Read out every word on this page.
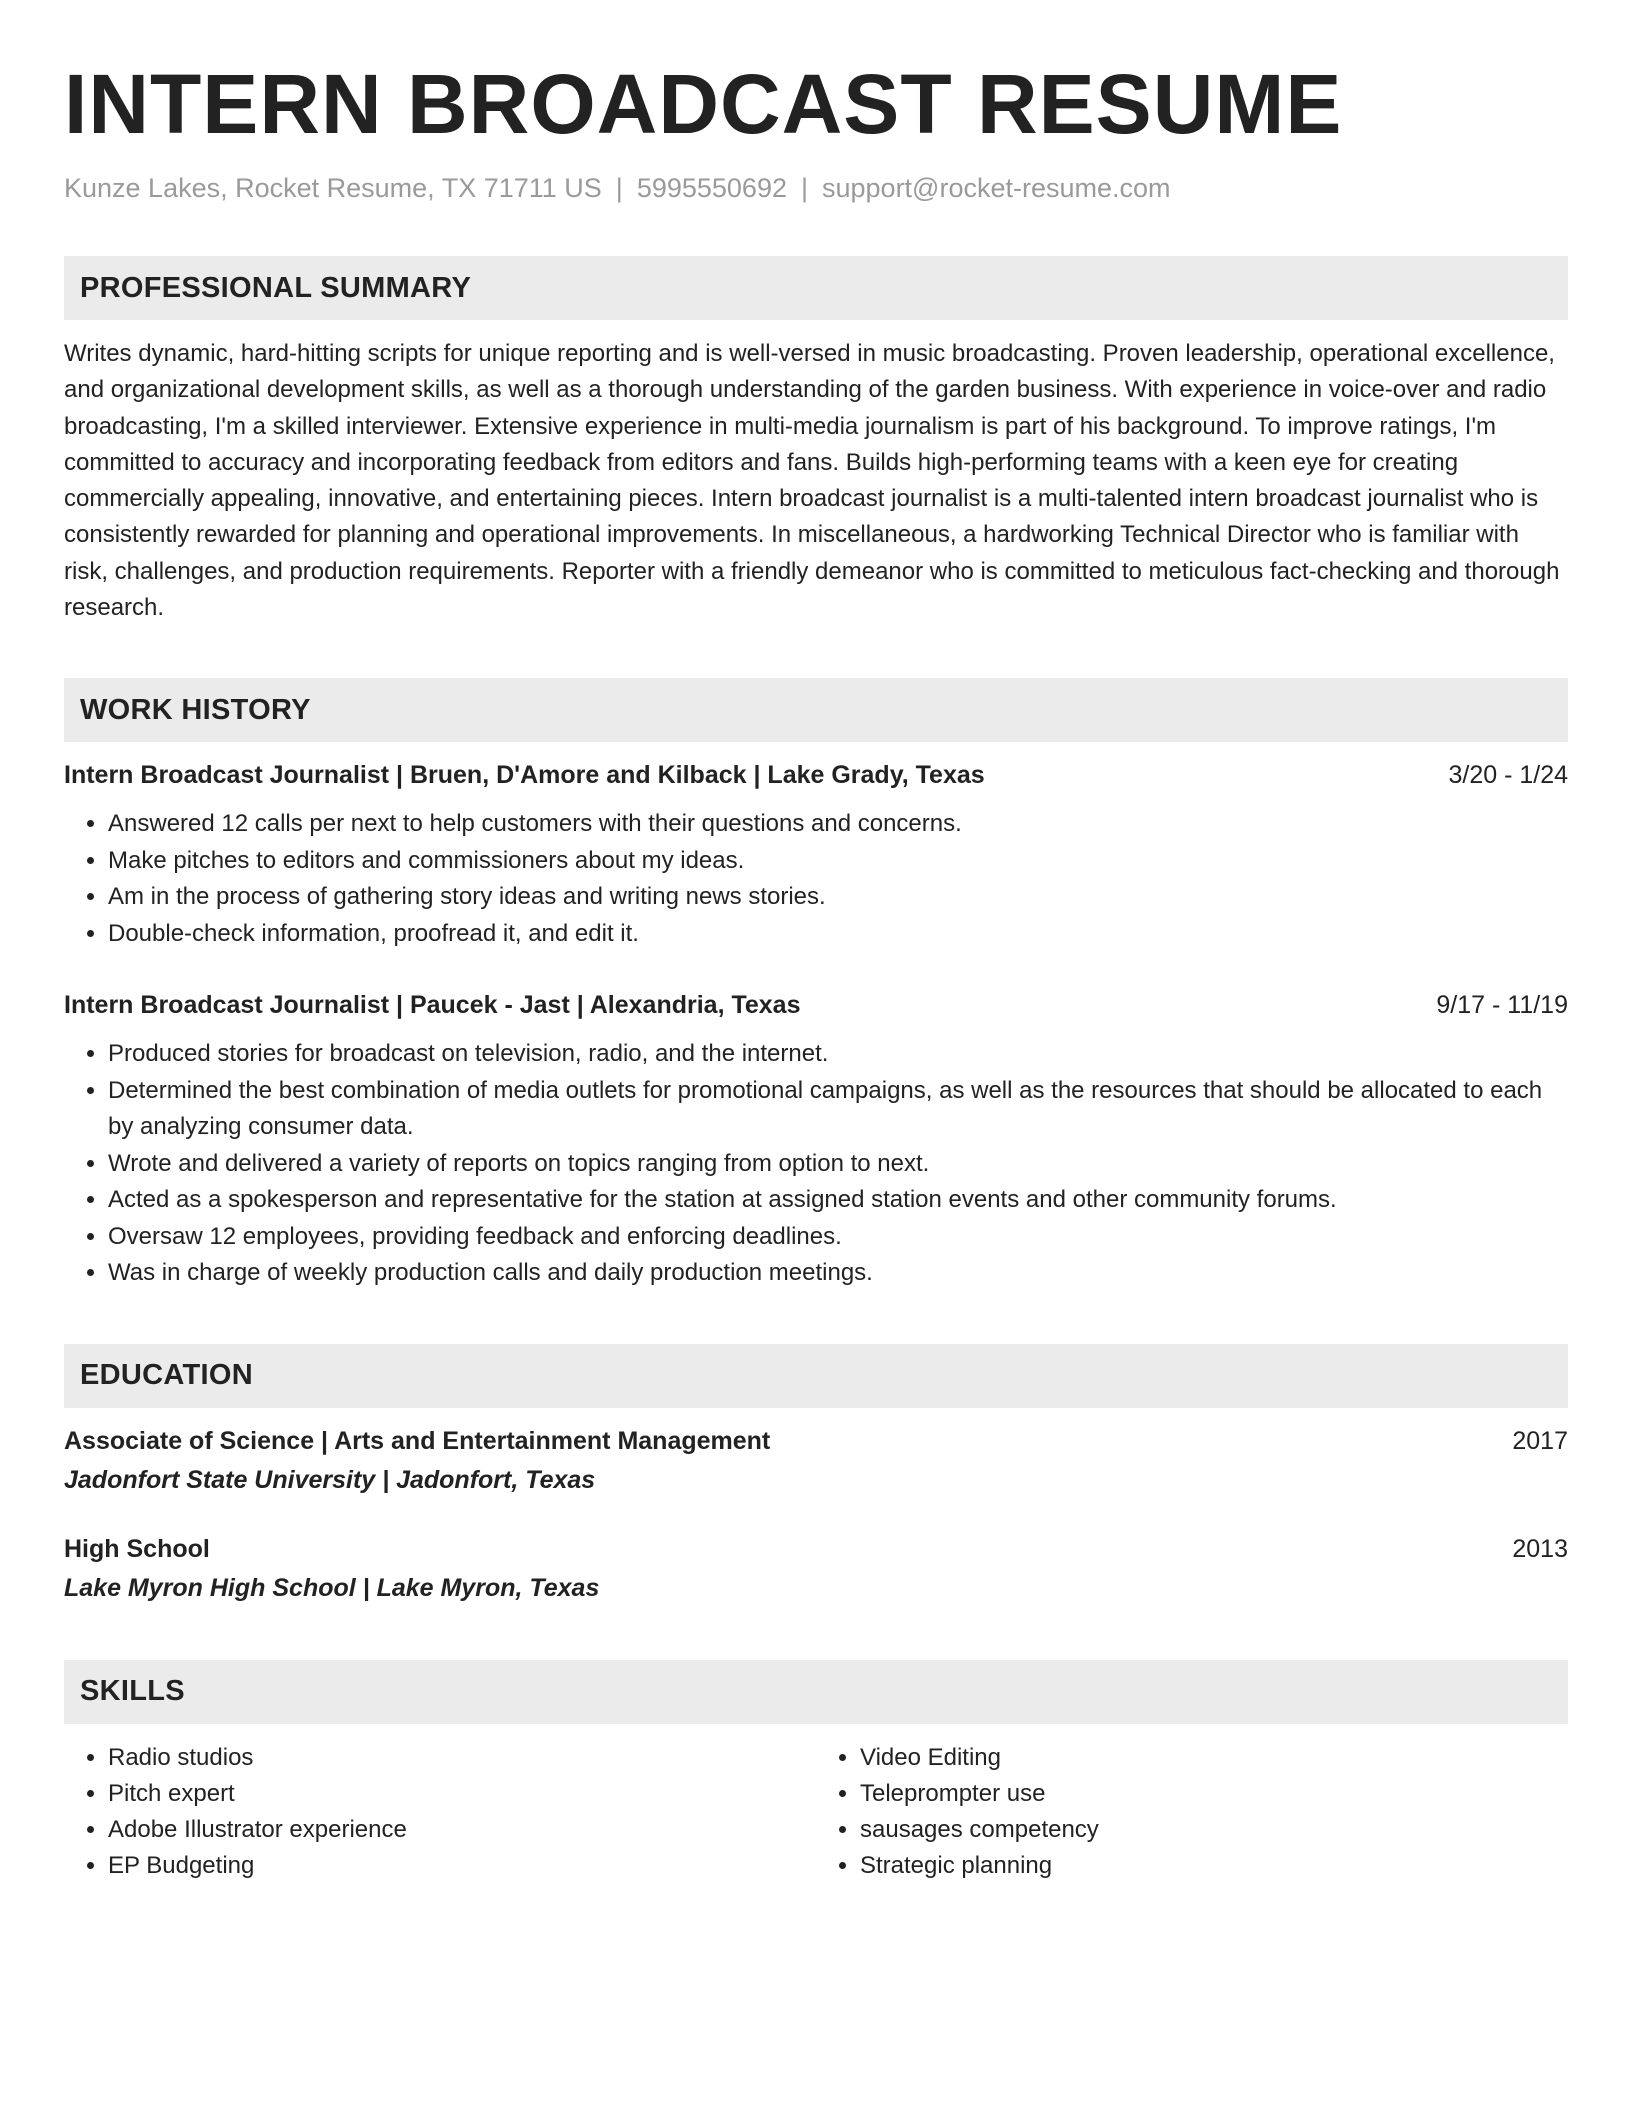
INTERN BROADCAST RESUME
Kunze Lakes, Rocket Resume, TX 71711 US | 5995550692 | support@rocket-resume.com
PROFESSIONAL SUMMARY
Writes dynamic, hard-hitting scripts for unique reporting and is well-versed in music broadcasting. Proven leadership, operational excellence, and organizational development skills, as well as a thorough understanding of the garden business. With experience in voice-over and radio broadcasting, I'm a skilled interviewer. Extensive experience in multi-media journalism is part of his background. To improve ratings, I'm committed to accuracy and incorporating feedback from editors and fans. Builds high-performing teams with a keen eye for creating commercially appealing, innovative, and entertaining pieces. Intern broadcast journalist is a multi-talented intern broadcast journalist who is consistently rewarded for planning and operational improvements. In miscellaneous, a hardworking Technical Director who is familiar with risk, challenges, and production requirements. Reporter with a friendly demeanor who is committed to meticulous fact-checking and thorough research.
WORK HISTORY
Intern Broadcast Journalist | Bruen, D'Amore and Kilback | Lake Grady, Texas	3/20 - 1/24
• Answered 12 calls per next to help customers with their questions and concerns.
• Make pitches to editors and commissioners about my ideas.
• Am in the process of gathering story ideas and writing news stories.
• Double-check information, proofread it, and edit it.
Intern Broadcast Journalist | Paucek - Jast | Alexandria, Texas	9/17 - 11/19
• Produced stories for broadcast on television, radio, and the internet.
• Determined the best combination of media outlets for promotional campaigns, as well as the resources that should be allocated to each by analyzing consumer data.
• Wrote and delivered a variety of reports on topics ranging from option to next.
• Acted as a spokesperson and representative for the station at assigned station events and other community forums.
• Oversaw 12 employees, providing feedback and enforcing deadlines.
• Was in charge of weekly production calls and daily production meetings.
EDUCATION
Associate of Science | Arts and Entertainment Management	2017
Jadonfort State University | Jadonfort, Texas
High School	2013
Lake Myron High School | Lake Myron, Texas
SKILLS
• Radio studios
• Pitch expert
• Adobe Illustrator experience
• EP Budgeting
• Video Editing
• Teleprompter use
• sausages competency
• Strategic planning
